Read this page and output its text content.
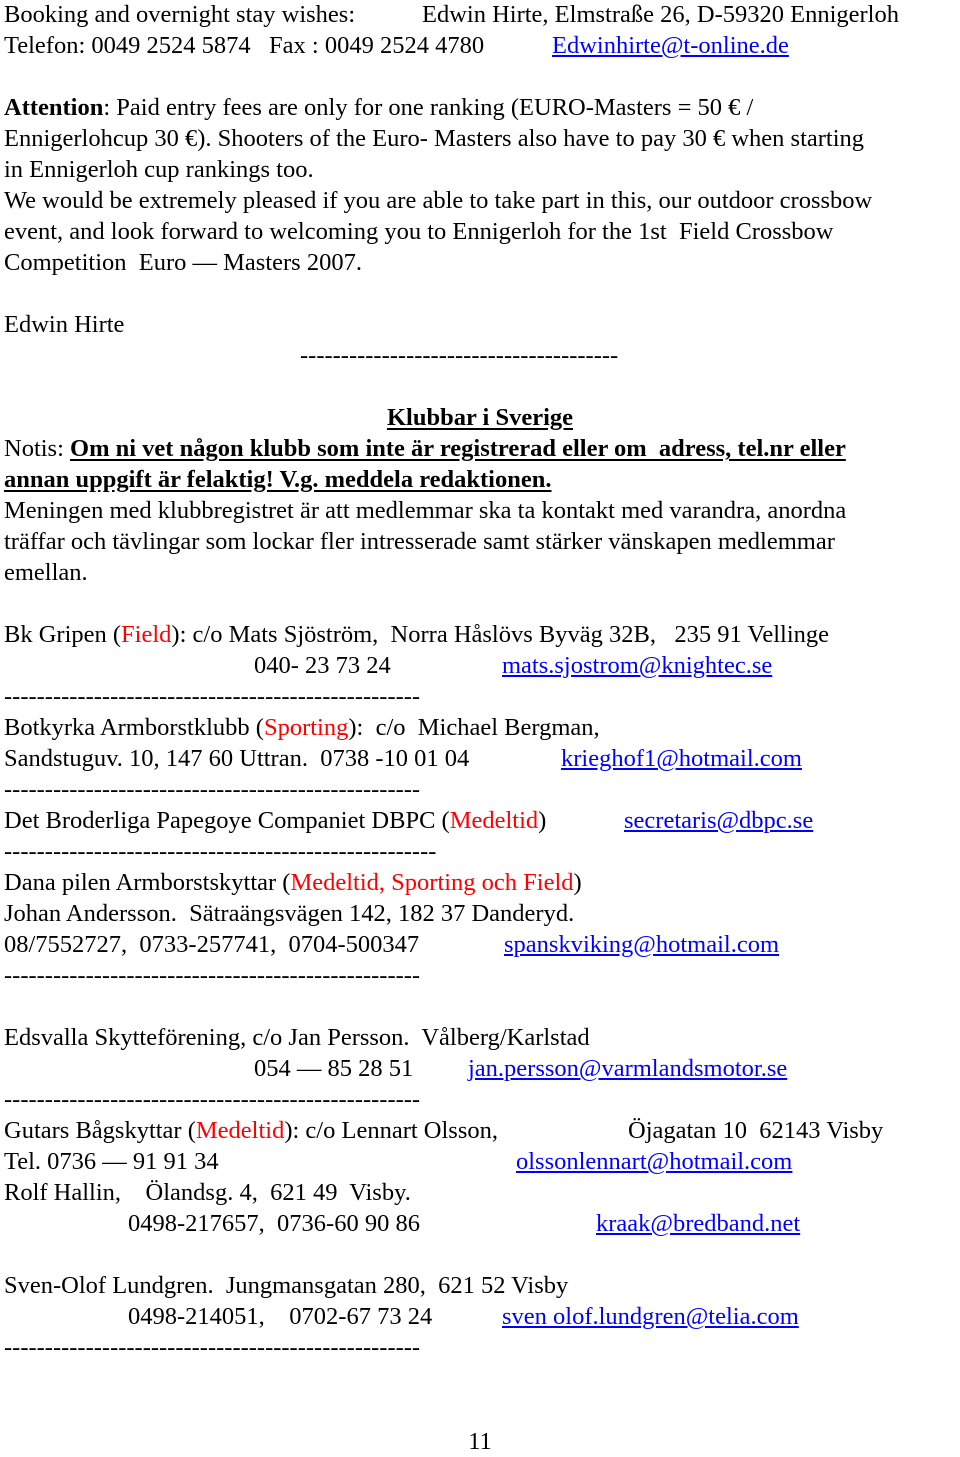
Booking and overnight stay wishes:	Edwin Hirte, Elmstraße 26, D-59320 Ennigerloh
Telefon: 0049 2524 5874   Fax : 0049 2524 4780	Edwinhirte@t-online.de
Attention: Paid entry fees are only for one ranking (EURO-Masters = 50 € /
Ennigerlohcup 30 €). Shooters of the Euro- Masters also have to pay 30 € when starting
in Ennigerloh cup rankings too.
We would be extremely pleased if you are able to take part in this, our outdoor crossbow
event, and look forward to welcoming you to Ennigerloh for the 1st  Field Crossbow
Competition  Euro — Masters 2007.
Edwin Hirte
---------------------------------------
Klubbar i Sverige
Notis: Om ni vet någon klubb som inte är registrerad eller om  adress, tel.nr eller
annan uppgift är felaktig! V.g. meddela redaktionen.
Meningen med klubbregistret är att medlemmar ska ta kontakt med varandra, anordna
träffar och tävlingar som lockar fler intresserade samt stärker vänskapen medlemmar
emellan.
Bk Gripen (Field): c/o Mats Sjöström,  Norra Håslövs Byväg 32B,   235 91 Vellinge
040- 23 73 24	mats.sjostrom@knightec.se
---------------------------------------------------
Botkyrka Armborstklubb (Sporting):  c/o  Michael Bergman,
Sandstuguv. 10, 147 60 Uttran.  0738 -10 01 04	krieghof1@hotmail.com
---------------------------------------------------
Det Broderliga Papegoye Companiet DBPC (Medeltid)	secretaris@dbpc.se
-----------------------------------------------------
Dana pilen Armborstskyttar (Medeltid, Sporting och Field)
Johan Andersson.  Sätraängsvägen 142, 182 37 Danderyd.
08/7552727,  0733-257741,  0704-500347	spanskviking@hotmail.com
---------------------------------------------------
Edsvalla Skytteförening, c/o Jan Persson.  Vålberg/Karlstad
054 — 85 28 51 jan.persson@varmlandsmotor.se
---------------------------------------------------
Gutars Bågskyttar (Medeltid): c/o Lennart Olsson,	Öjagatan 10  62143 Visby
Tel. 0736 — 91 91 34	olssonlennart@hotmail.com
Rolf Hallin,    Ölandsg. 4,  621 49  Visby.
0498-217657,  0736-60 90 86	kraak@bredband.net
Sven-Olof Lundgren.  Jungmansgatan 280,  621 52 Visby
0498-214051,    0702-67 73 24	sven olof.lundgren@telia.com
---------------------------------------------------
11
